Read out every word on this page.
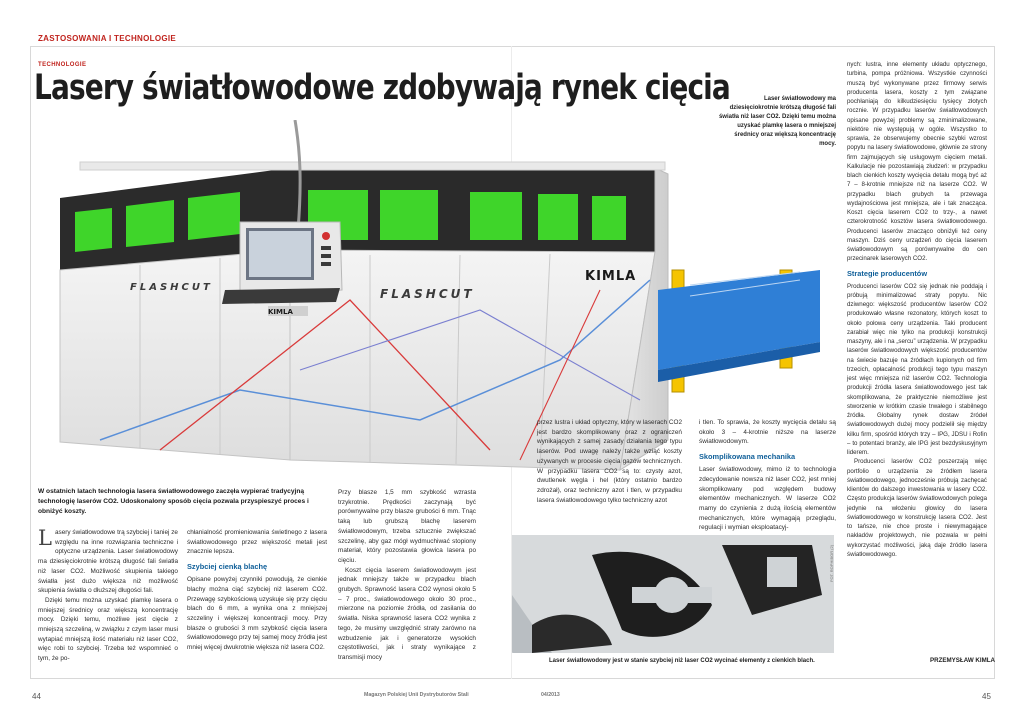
ZASTOSOWANIA I TECHNOLOGIE
TECHNOLOGIE
Lasery światłowodowe zdobywają rynek cięcia	Laser światłowodowy ma dziesięciokrotnie krótszą długość fali światła niż laser CO2. Dzięki temu można uzyskać plamkę lasera o mniejszej średnicy oraz większą koncentrację mocy.
FLASHCUT	FLASHCUT
KIMLA
KIMLA
W ostatnich latach technologia lasera światłowodowego zaczęła wypierać tradycyjną technologię laserów CO2. Udoskonalony sposób cięcia pozwala przyspieszyć proces i obniżyć koszty.

Lasery światłowodowe trą szybciej i taniej ze względu na inne rozwiązania techniczne i optyczne urządzenia. Laser światłowodowy ma dziesięciokrotnie krótszą długość fali światła niż laser CO2. Możliwość skupienia takiego światła jest dużo większa niż możliwość skupienia światła o dłuższej długości fali.

Dzięki temu można uzyskać plamkę lasera o mniejszej średnicy oraz większą koncentrację mocy. Dzięki temu, możliwe jest cięcie z mniejszą szczeliną, w związku z czym laser musi wytapiać mniejszą ilość materiału niż laser CO2, więc robi to szybciej. Trzeba też wspomnieć o tym, że po-

chłanialność promieniowania świetlnego z lasera światłowodowego przez większość metali jest znacznie lepsza.

Szybciej cienką blachę

Opisane powyżej czynniki powodują, że cienkie blachy można ciąć szybciej niż laserem CO2. Przewagę szybkościową uzyskuje się przy cięciu blach do 6 mm, a wynika ona z mniejszej szczeliny i większej koncentracji mocy. Przy blasze o grubości 3 mm szybkość cięcia lasera światłowodowego przy tej samej mocy źródła jest mniej więcej dwukrotnie większa niż lasera CO2.

Przy blasze 1,5 mm szybkość wzrasta trzykrotnie. Prędkości zaczynają być porównywalne przy blasze grubości 6 mm. Tnąc taką lub grubszą blachę laserem światłowodowym, trzeba sztucznie zwiększać szczelinę, aby gaz mógł wydmuchiwać stopiony materiał, który pozostawia głowica lasera po cięciu.

Koszt cięcia laserem światłowodowym jest jednak mniejszy także w przypadku blach grubych. Sprawność lasera CO2 wynosi około 5 – 7 proc., światłowodowego około 30 proc., mierzone na poziomie źródła, od zasilania do światła. Niska sprawność lasera CO2 wynika z tego, że musimy uwzględnić straty zarówno na wzbudzenie jak i generatorze wysokich częstotliwości, jak i straty wynikające z transmisji mocy

przez lustra i układ optyczny, który w laserach CO2 jest bardzo skomplikowany oraz z ograniczeń wynikających z samej zasady działania tego typu laserów. Pod uwagę należy także wziąć koszty używanych w procesie cięcia gazów technicznych. W przypadku lasera CO2 są to: czysty azot, dwutlenek węgla i hel (który ostatnio bardzo zdrożał), oraz techniczny azot i tlen, w przypadku lasera światłowodowego tylko techniczny azot

i tlen. To sprawia, że koszty wycięcia detalu są około 3 – 4-krotnie niższe na laserze światłowodowym.

Skomplikowana mechanika

Laser światłowodowy, mimo iż to technologia zdecydowanie nowsza niż laser CO2, jest mniej skomplikowany pod względem budowy elementów mechanicznych. W laserze CO2 mamy do czynienia z dużą ilością elementów mechanicznych, które wymagają przeglądu, regulacji i wymian eksploatacyj-

nych: lustra, inne elementy układu optycznego, turbina, pompa próżniowa. Wszystkie czynności muszą być wykonywane przez firmowy serwis producenta lasera, koszty z tym związane pochłaniają do kilkudziesięciu tysięcy złotych rocznie. W przypadku laserów światłowodowych opisane powyżej problemy są zminimalizowane, niektóre nie występują w ogóle. Wszystko to sprawia, że obserwujemy obecnie szybki wzrost popytu na lasery światłowodowe, głównie ze strony firm zajmujących się usługowym cięciem metali. Kalkulacje nie pozostawiają złudzeń: w przypadku blach cienkich koszty wycięcia detalu mogą być aż 7 – 8-krotnie mniejsze niż na laserze CO2. W przypadku blach grubych ta przewaga wydajnościowa jest mniejsza, ale i tak znacząca. Koszt cięcia laserem CO2 to trzy-, a nawet czterokrotność kosztów lasera światłowodowego. Producenci laserów znacząco obniżyli też ceny maszyn. Dziś ceny urządzeń do cięcia laserem światłowodowym są porównywalne do cen przecinarek laserowych CO2.

Strategie producentów

Producenci laserów CO2 się jednak nie poddają i próbują minimalizować straty popytu. Nic dziwnego: większość producentów laserów CO2 produkowało własne rezonatory, których koszt to około połowa ceny urządzenia. Taki producent zarabiał więc nie tylko na produkcji konstrukcji maszyny, ale i na „sercu” urządzenia. W przypadku laserów światłowodowych większość producentów na świecie bazuje na źródłach kupionych od firm trzecich, opłacalność produkcji tego typu maszyn jest więc mniejsza niż laserów CO2. Technologia produkcji źródła lasera światłowodowego jest tak skomplikowana, że praktycznie niemożliwe jest stworzenie w krótkim czasie trwałego i stabilnego źródła. Globalny rynek dostaw źródeł światłowodowych dużej mocy podzielił się między kilku firm, spośród których trzy – IPG, JDSU i Rofin – to potentaci branży, ale IPG jest bezdyskusyjnym liderem.

Producenci laserów CO2 poszerzają więc portfolio o urządzenia ze źródłem lasera światłowodowego, jednocześnie próbują zachęcać klientów do dalszego inwestowania w lasery CO2. Często produkcja laserów światłowodowych polega jedynie na włożeniu głowicy do lasera światłowodowego w konstrukcję lasera CO2. Jest to tańsze, nie chce proste i niewymagające nakładów projektowych, nie pozwala w pełni wykorzystać możliwości, jaką daje źródło lasera światłowodowego.

FOT. ROPHIBOR (2)
Laser światłowodowy jest w stanie szybciej niż laser CO2 wycinać elementy z cienkich blach.	PRZEMYSŁAW KIMLA
44	Magazyn Polskiej Unii Dystrybutorów Stali	04/2013	45
